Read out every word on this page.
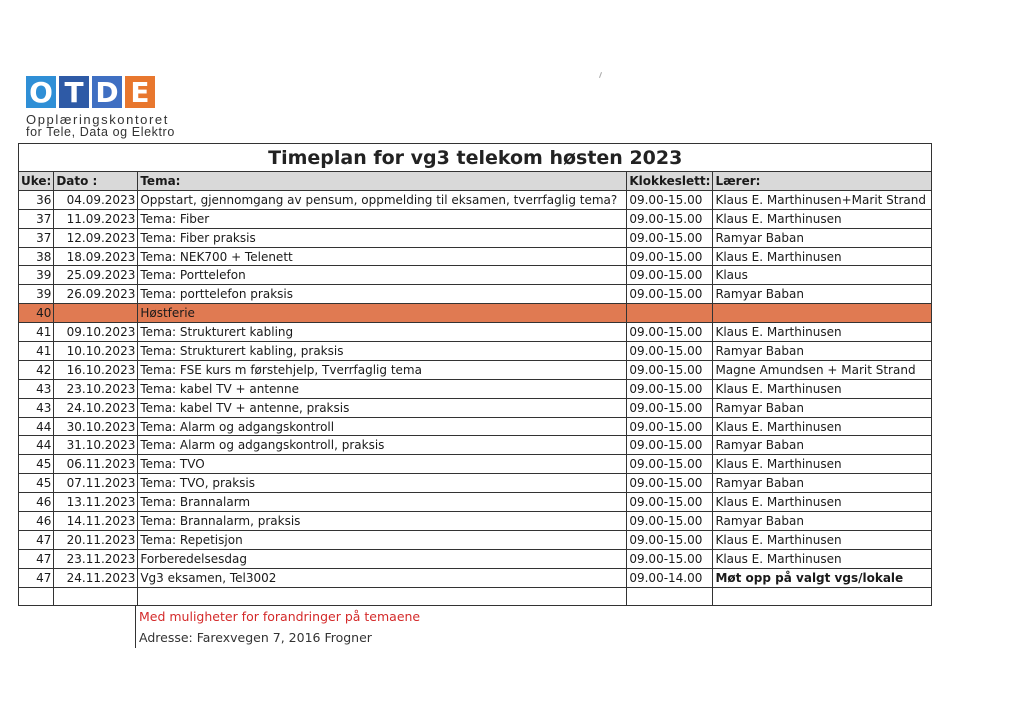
O T D E
Opplæringskontoret
for Tele, Data og Elektro
Timeplan for vg3 telekom høsten 2023				
Uke:	Dato :	Tema:	Klokkeslett:	Lærer:
36	04.09.2023	Oppstart, gjennomgang av pensum, oppmelding til eksamen, tverrfaglig tema?	09.00-15.00	Klaus E. Marthinusen+Marit Strand
37	11.09.2023	Tema: Fiber	09.00-15.00	Klaus E. Marthinusen
37	12.09.2023	Tema: Fiber praksis	09.00-15.00	Ramyar Baban
38	18.09.2023	Tema: NEK700 + Telenett	09.00-15.00	Klaus E. Marthinusen
39	25.09.2023	Tema: Porttelefon	09.00-15.00	Klaus
39	26.09.2023	Tema: porttelefon praksis	09.00-15.00	Ramyar Baban
40		Høstferie		
41	09.10.2023	Tema: Strukturert kabling	09.00-15.00	Klaus E. Marthinusen
41	10.10.2023	Tema: Strukturert kabling, praksis	09.00-15.00	Ramyar Baban
42	16.10.2023	Tema: FSE kurs m førstehjelp, Tverrfaglig tema	09.00-15.00	Magne Amundsen + Marit Strand
43	23.10.2023	Tema: kabel TV + antenne	09.00-15.00	Klaus E. Marthinusen
43	24.10.2023	Tema: kabel TV + antenne, praksis	09.00-15.00	Ramyar Baban
44	30.10.2023	Tema: Alarm og adgangskontroll	09.00-15.00	Klaus E. Marthinusen
44	31.10.2023	Tema: Alarm og adgangskontroll, praksis	09.00-15.00	Ramyar Baban
45	06.11.2023	Tema: TVO	09.00-15.00	Klaus E. Marthinusen
45	07.11.2023	Tema: TVO, praksis	09.00-15.00	Ramyar Baban
46	13.11.2023	Tema: Brannalarm	09.00-15.00	Klaus E. Marthinusen
46	14.11.2023	Tema: Brannalarm, praksis	09.00-15.00	Ramyar Baban
47	20.11.2023	Tema: Repetisjon	09.00-15.00	Klaus E. Marthinusen
47	23.11.2023	Forberedelsesdag	09.00-15.00	Klaus E. Marthinusen
47	24.11.2023	Vg3 eksamen, Tel3002	09.00-14.00	Møt opp på valgt vgs/lokale

Med muligheter for forandringer på temaene
Adresse: Farexvegen 7, 2016 Frogner
